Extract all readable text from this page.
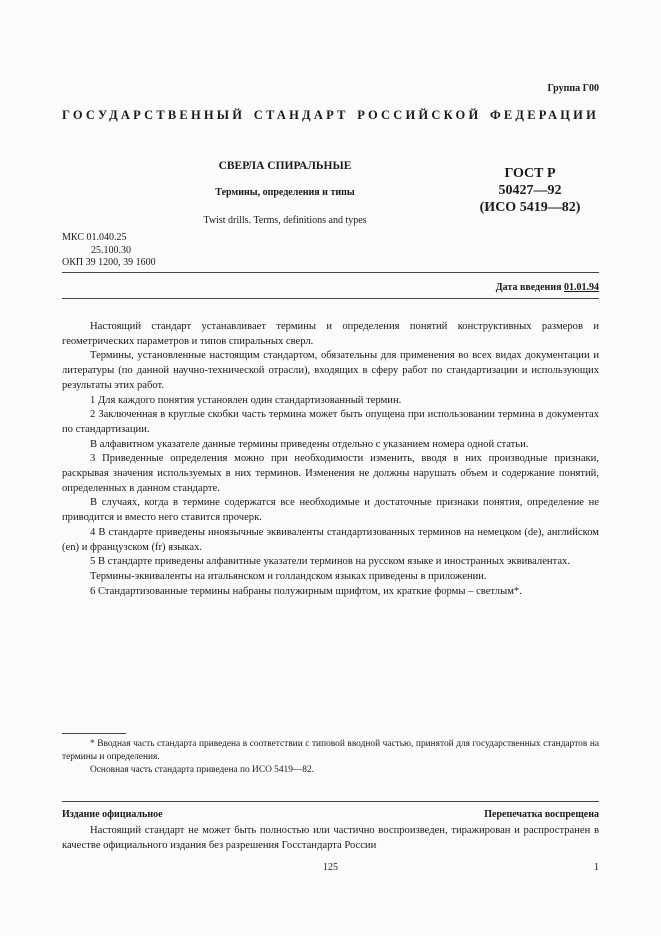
Группа Г00
ГОСУДАРСТВЕННЫЙ СТАНДАРТ РОССИЙСКОЙ ФЕДЕРАЦИИ
СВЕРЛА СПИРАЛЬНЫЕ
Термины, определения и типы
Twist drills. Terms, definitions and types
ГОСТ Р
50427—92
(ИСО 5419—82)
МКС 01.040.25
25.100.30
ОКП 39 1200, 39 1600
Дата введения 01.01.94

Настоящий стандарт устанавливает термины и определения понятий конструктивных размеров и геометрических параметров и типов спиральных сверл.

Термины, установленные настоящим стандартом, обязательны для применения во всех видах документации и литературы (по данной научно-технической отрасли), входящих в сферу работ по стандартизации и использующих результаты этих работ.

1 Для каждого понятия установлен один стандартизованный термин.

2 Заключенная в круглые скобки часть термина может быть опущена при использовании термина в документах по стандартизации.

В алфавитном указателе данные термины приведены отдельно с указанием номера одной статьи.

3 Приведенные определения можно при необходимости изменить, вводя в них производные признаки, раскрывая значения используемых в них терминов. Изменения не должны нарушать объем и содержание понятий, определенных в данном стандарте.

В случаях, когда в термине содержатся все необходимые и достаточные признаки понятия, определение не приводится и вместо него ставится прочерк.

4 В стандарте приведены иноязычные эквиваленты стандартизованных терминов на немецком (de), английском (en) и французском (fr) языках.

5 В стандарте приведены алфавитные указатели терминов на русском языке и иностранных эквивалентах.

Термины-эквиваленты на итальянском и голландском языках приведены в приложении.

6 Стандартизованные термины набраны полужирным шрифтом, их краткие формы – светлым*.

* Вводная часть стандарта приведена в соответствии с типовой вводной частью, принятой для государственных стандартов на термины и определения.

Основная часть стандарта приведена по ИСО 5419—82.

Издание официальное	Перепечатка воспрещена

Настоящий стандарт не может быть полностью или частично воспроизведен, тиражирован и распространен в качестве официального издания без разрешения Госстандарта России

125	1
